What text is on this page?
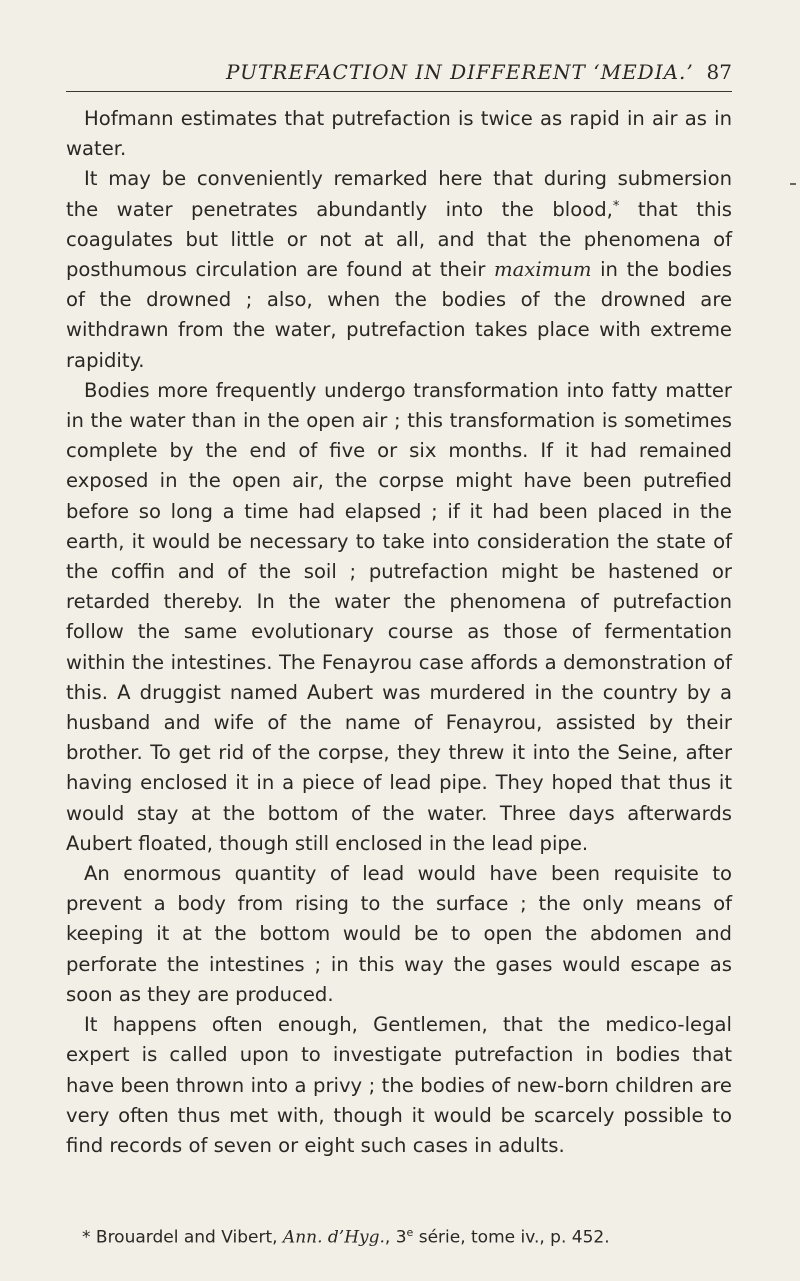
PUTREFACTION IN DIFFERENT ‘MEDIA.’ 87

Hofmann estimates that putrefaction is twice as rapid in air as in water.

It may be conveniently remarked here that during submersion the water penetrates abundantly into the blood,* that this coagulates but little or not at all, and that the phenomena of posthumous circulation are found at their maximum in the bodies of the drowned ; also, when the bodies of the drowned are withdrawn from the water, putrefaction takes place with extreme rapidity.

Bodies more frequently undergo transformation into fatty matter in the water than in the open air ; this transformation is sometimes complete by the end of five or six months. If it had remained exposed in the open air, the corpse might have been putrefied before so long a time had elapsed ; if it had been placed in the earth, it would be necessary to take into consideration the state of the coffin and of the soil ; putrefaction might be hastened or retarded thereby. In the water the phenomena of putrefaction follow the same evolutionary course as those of fermentation within the intestines. The Fenayrou case affords a demonstration of this. A druggist named Aubert was murdered in the country by a husband and wife of the name of Fenayrou, assisted by their brother. To get rid of the corpse, they threw it into the Seine, after having enclosed it in a piece of lead pipe. They hoped that thus it would stay at the bottom of the water. Three days afterwards Aubert floated, though still enclosed in the lead pipe.

An enormous quantity of lead would have been requisite to prevent a body from rising to the surface ; the only means of keeping it at the bottom would be to open the abdomen and perforate the intestines ; in this way the gases would escape as soon as they are produced.

It happens often enough, Gentlemen, that the medico-legal expert is called upon to investigate putrefaction in bodies that have been thrown into a privy ; the bodies of new-born children are very often thus met with, though it would be scarcely possible to find records of seven or eight such cases in adults.

* Brouardel and Vibert, Ann. d’Hyg., 3e série, tome iv., p. 452.
